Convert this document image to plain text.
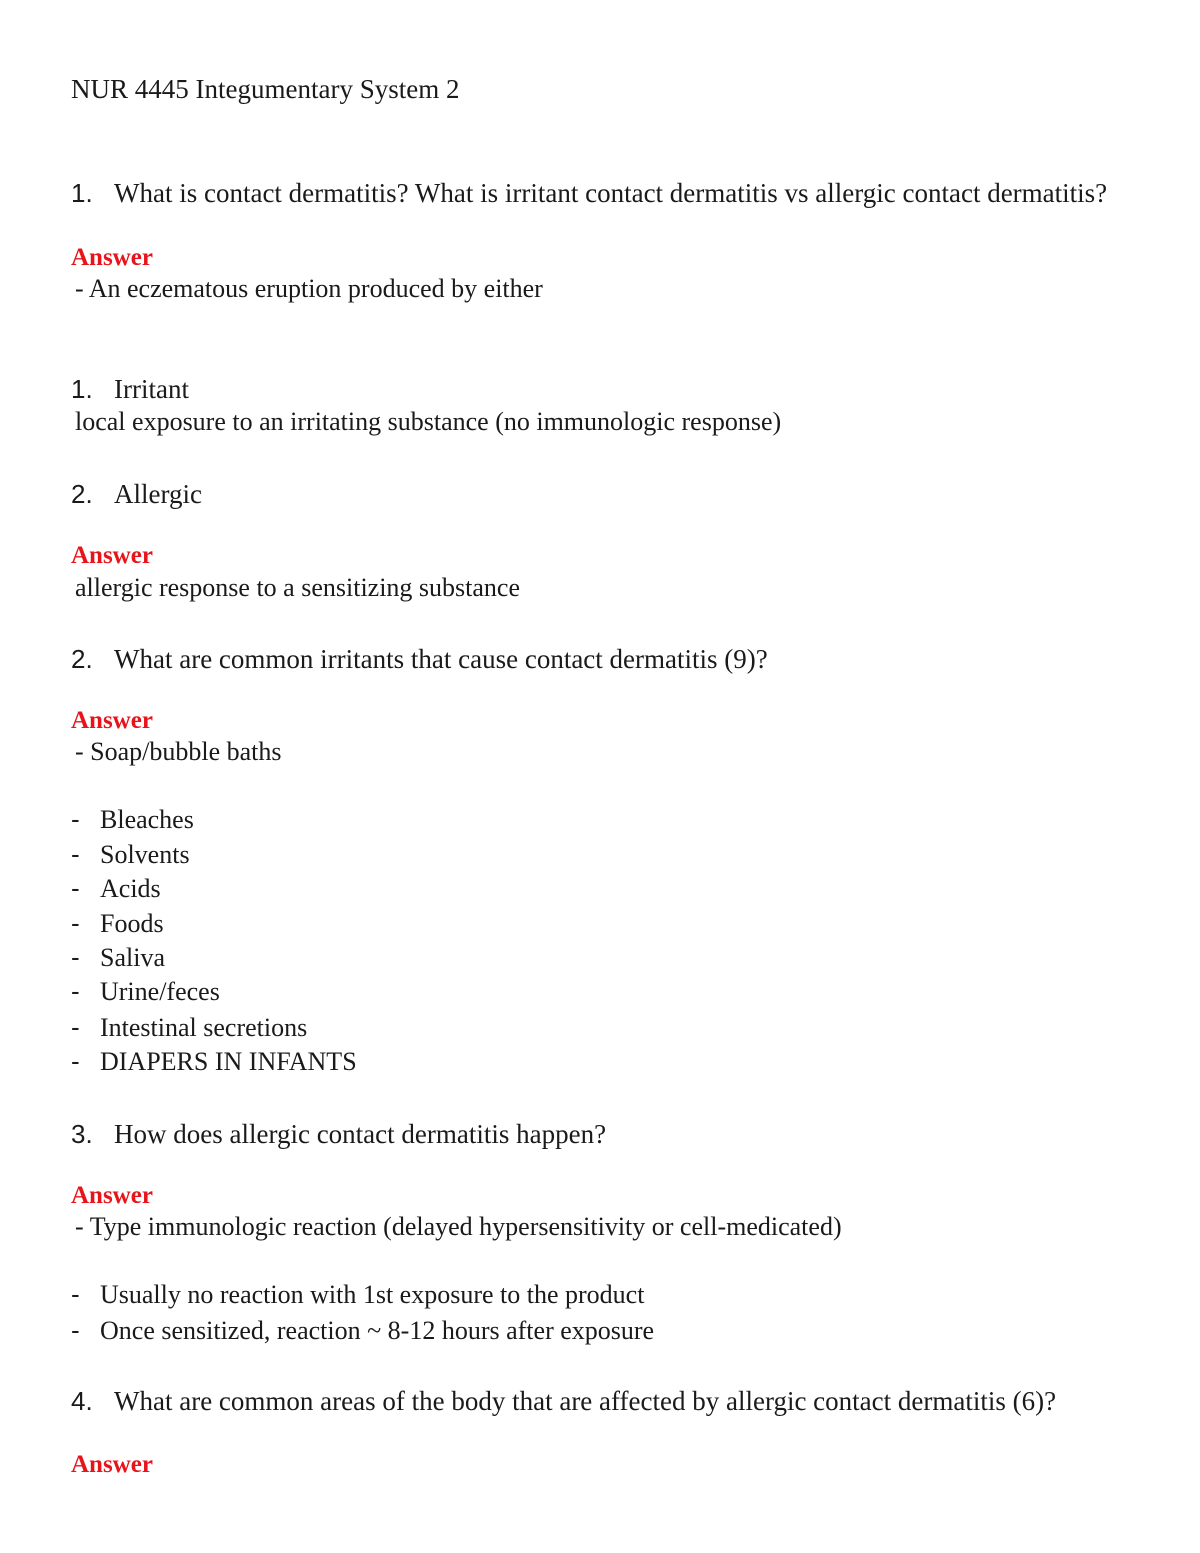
NUR 4445 Integumentary System 2
1. What is contact dermatitis? What is irritant contact dermatitis vs allergic contact dermatitis?
Answer
- An eczematous eruption produced by either
1. Irritant
local exposure to an irritating substance (no immunologic response)
2. Allergic
Answer
allergic response to a sensitizing substance
2. What are common irritants that cause contact dermatitis (9)?
Answer
- Soap/bubble baths
- Bleaches
- Solvents
- Acids
- Foods
- Saliva
- Urine/feces
- Intestinal secretions
- DIAPERS IN INFANTS
3. How does allergic contact dermatitis happen?
Answer
- Type immunologic reaction (delayed hypersensitivity or cell-medicated)
- Usually no reaction with 1st exposure to the product
- Once sensitized, reaction ~ 8-12 hours after exposure
4. What are common areas of the body that are affected by allergic contact dermatitis (6)?
Answer
